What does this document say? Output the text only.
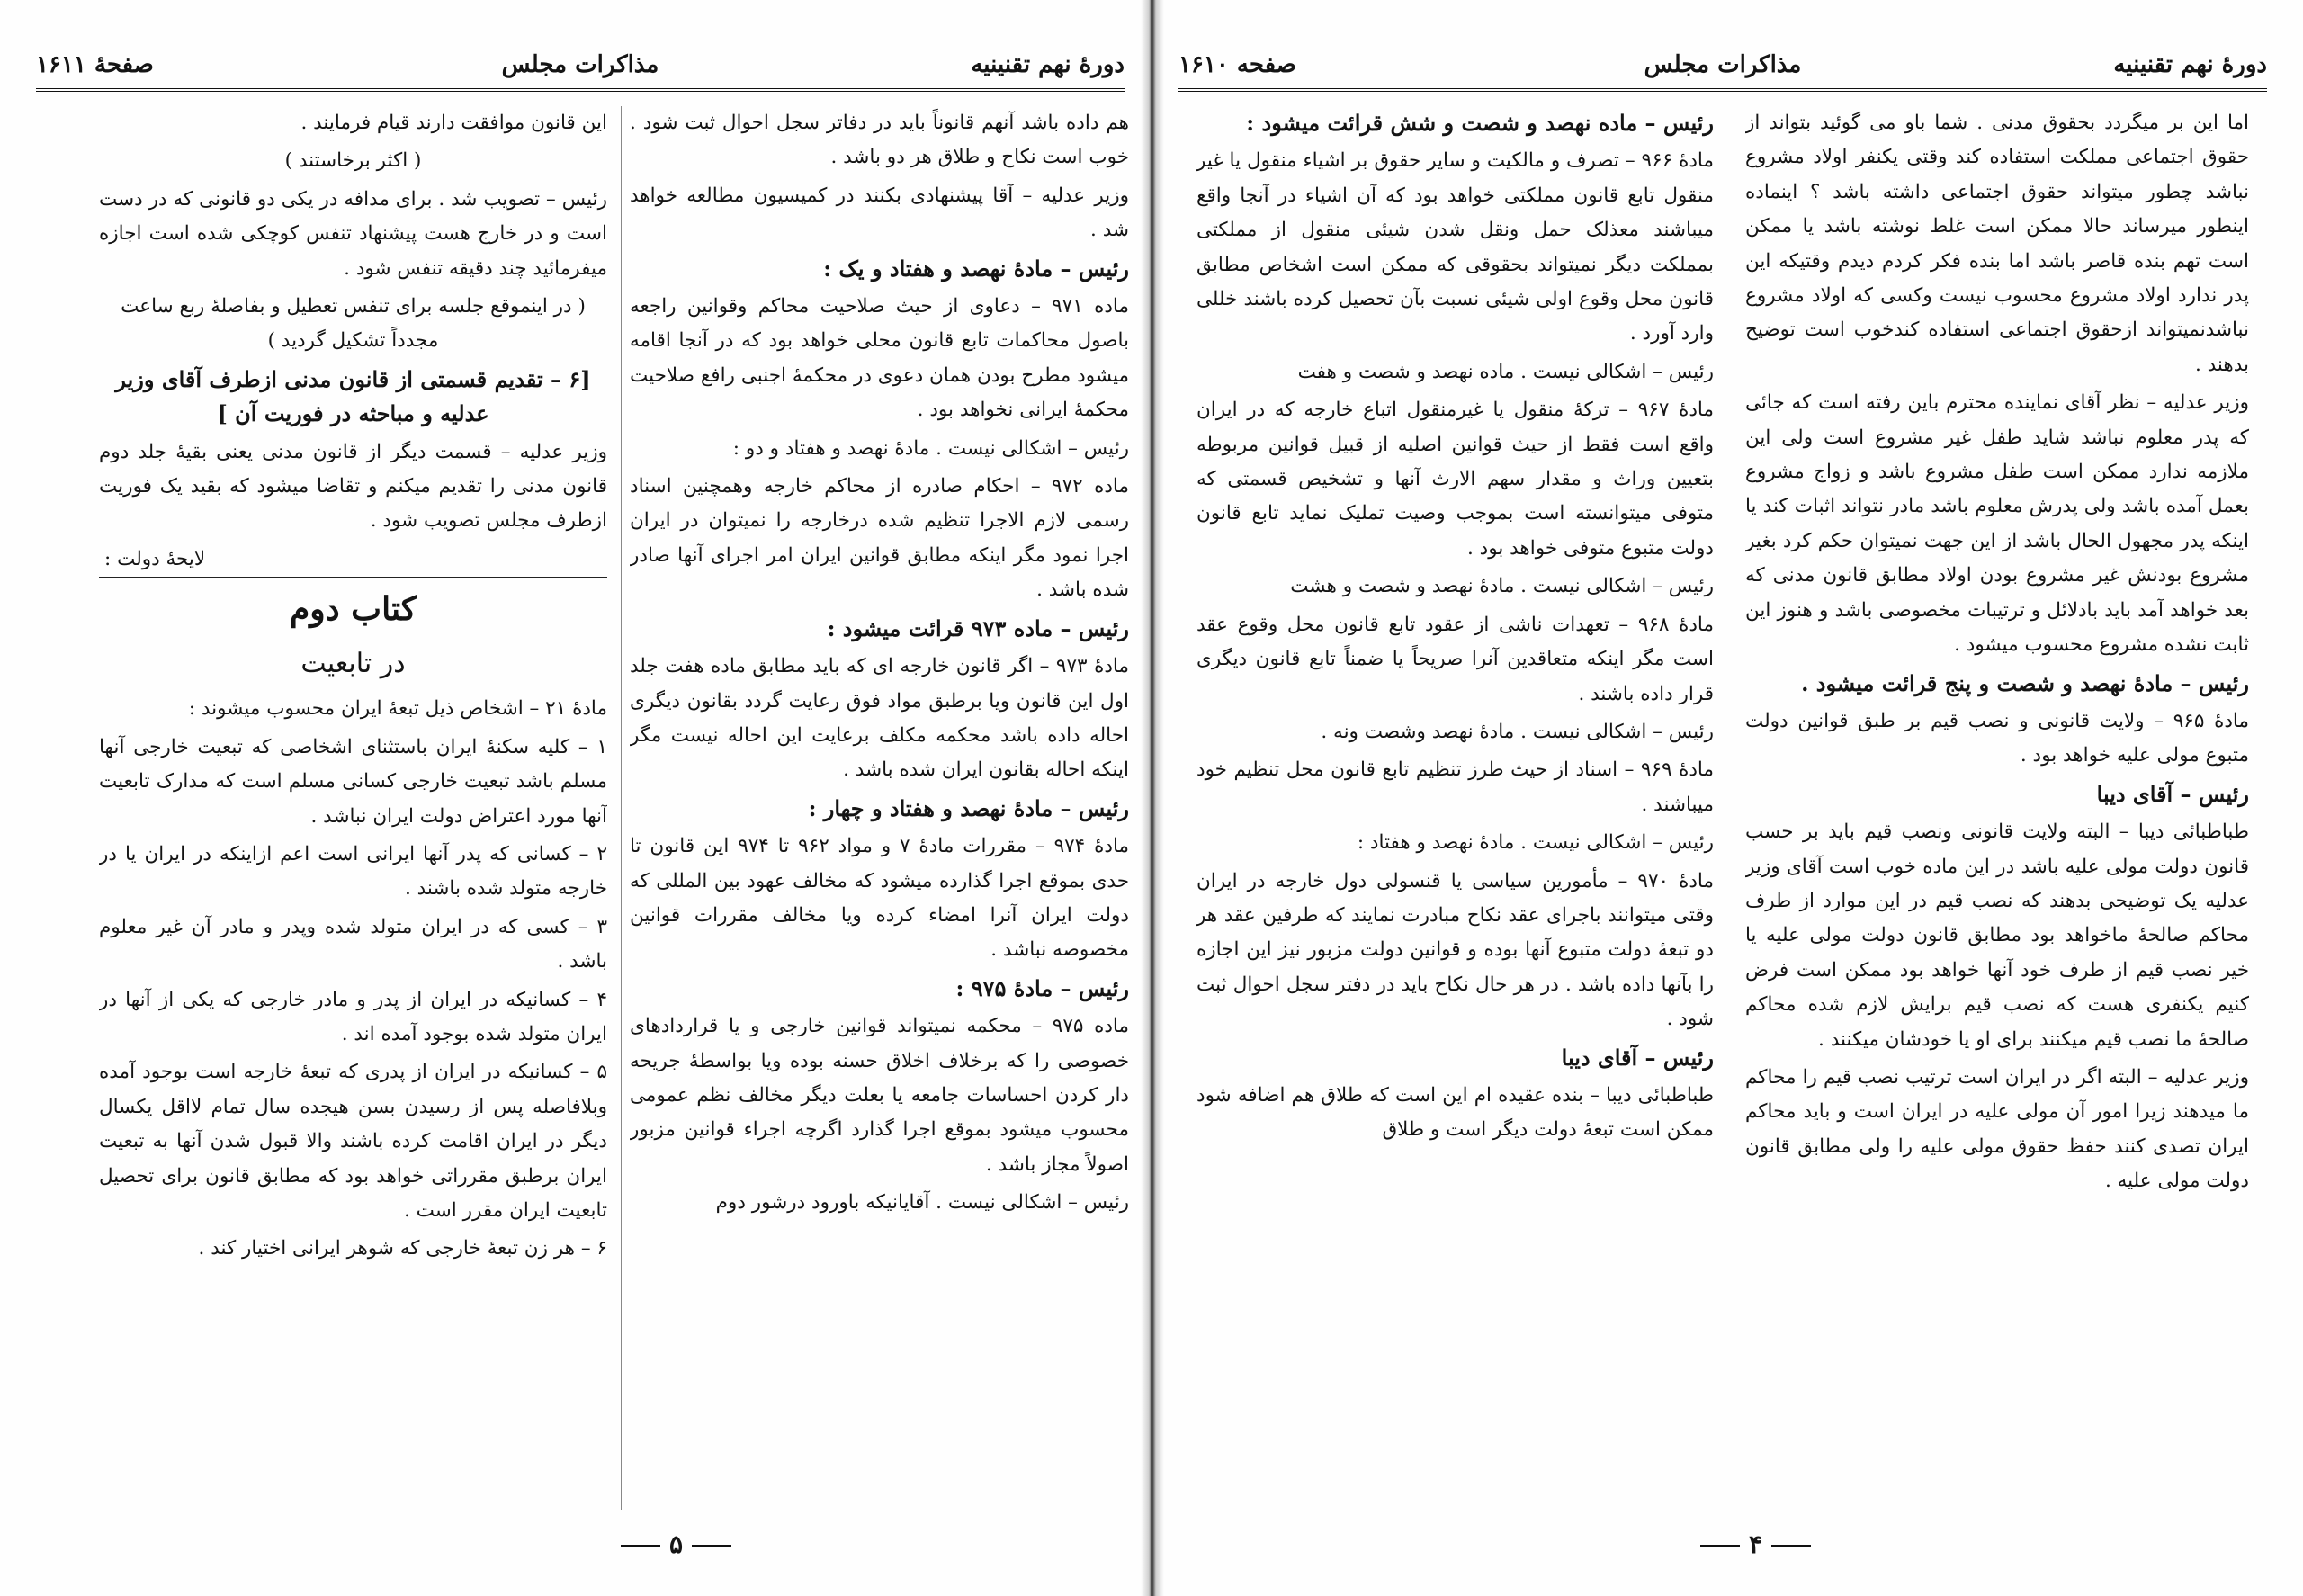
دورهٔ نهم تقنینیه
مذاکرات مجلس
صفحهٔ ۱۶۱۱

هم داده باشد آنهم قانوناً باید در دفاتر سجل احوال ثبت شود . خوب است نکاح و طلاق هر دو باشد .

وزیر عدلیه – آقا پیشنهادی بکنند در کمیسیون مطالعه خواهد شد .

رئیس – مادهٔ نهصد و هفتاد و یک :

ماده ۹۷۱ – دعاوی از حیث صلاحیت محاکم وقوانین راجعه باصول محاکمات تابع قانون محلی خواهد بود که در آنجا اقامه میشود مطرح بودن همان دعوی در محکمهٔ اجنبی رافع صلاحیت محکمهٔ ایرانی نخواهد بود .

رئیس – اشکالی نیست . مادهٔ نهصد و هفتاد و دو :

ماده ۹۷۲ – احکام صادره از محاکم خارجه وهمچنین اسناد رسمی لازم الاجرا تنظیم شده درخارجه را نمیتوان در ایران اجرا نمود مگر اینکه مطابق قوانین ایران امر اجرای آنها صادر شده باشد .

رئیس – ماده ۹۷۳ قرائت میشود :

مادهٔ ۹۷۳ – اگر قانون خارجه ای که باید مطابق ماده هفت جلد اول این قانون ویا برطبق مواد فوق رعایت گردد بقانون دیگری احاله داده باشد محکمه مکلف برعایت این احاله نیست مگر اینکه احاله بقانون ایران شده باشد .

رئیس – مادهٔ نهصد و هفتاد و چهار :

مادهٔ ۹۷۴ – مقررات مادهٔ ۷ و مواد ۹۶۲ تا ۹۷۴ این قانون تا حدی بموقع اجرا گذارده میشود که مخالف عهود بین المللی که دولت ایران آنرا امضاء کرده ویا مخالف مقررات قوانین مخصوصه نباشد .

رئیس – مادهٔ ۹۷۵ :

ماده ۹۷۵ – محکمه نمیتواند قوانین خارجی و یا قراردادهای خصوصی را که برخلاف اخلاق حسنه بوده ویا بواسطهٔ جریحه دار کردن احساسات جامعه یا بعلت دیگر مخالف نظم عمومی محسوب میشود بموقع اجرا گذارد اگرچه اجراء قوانین مزبور اصولاً مجاز باشد .

رئیس – اشکالی نیست . آقایانیکه باورود درشور دوم

این قانون موافقت دارند قیام فرمایند .

( اکثر برخاستند )

رئیس – تصویب شد . برای مدافه در یکی دو قانونی که در دست است و در خارج هست پیشنهاد تنفس کوچکی شده است اجازه میفرمائید چند دقیقه تنفس شود .

( در اینموقع جلسه برای تنفس تعطیل و بفاصلهٔ ربع ساعت مجدداً تشکیل گردید )

[۶ – تقدیم قسمتی از قانون مدنی ازطرف آقای وزیر عدلیه و مباحثه در فوریت آن ]

وزیر عدلیه – قسمت دیگر از قانون مدنی یعنی بقیهٔ جلد دوم قانون مدنی را تقدیم میکنم و تقاضا میشود که بقید یک فوریت ازطرف مجلس تصویب شود .

لایحهٔ دولت :

کتاب دوم

در تابعیت

مادهٔ ۲۱ – اشخاص ذیل تبعهٔ ایران محسوب میشوند :

۱ – کلیه سکنهٔ ایران باستثنای اشخاصی که تبعیت خارجی آنها مسلم باشد تبعیت خارجی کسانی مسلم است که مدارک تابعیت آنها مورد اعتراض دولت ایران نباشد .

۲ – کسانی که پدر آنها ایرانی است اعم ازاینکه در ایران یا در خارجه متولد شده باشند .

۳ – کسی که در ایران متولد شده وپدر و مادر آن غیر معلوم باشد .

۴ – کسانیکه در ایران از پدر و مادر خارجی که یکی از آنها در ایران متولد شده بوجود آمده اند .

۵ – کسانیکه در ایران از پدری که تبعهٔ خارجه است بوجود آمده وبلافاصله پس از رسیدن بسن هیجده سال تمام لااقل یکسال دیگر در ایران اقامت کرده باشند والا قبول شدن آنها به تبعیت ایران برطبق مقرراتی خواهد بود که مطابق قانون برای تحصیل تابعیت ایران مقرر است .

۶ – هر زن تبعهٔ خارجی که شوهر ایرانی اختیار کند .

۵
دورهٔ نهم تقنینیه
مذاکرات مجلس
صفحه ۱۶۱۰

اما این بر میگردد بحقوق مدنی . شما باو می گوئید بتواند از حقوق اجتماعی مملکت استفاده کند وقتی یکنفر اولاد مشروع نباشد چطور میتواند حقوق اجتماعی داشته باشد ؟ اینماده اینطور میرساند حالا ممکن است غلط نوشته باشد یا ممکن است تهم بنده قاصر باشد اما بنده فکر کردم دیدم وقتیکه این پدر ندارد اولاد مشروع محسوب نیست وکسی که اولاد مشروع نباشدنمیتواند ازحقوق اجتماعی استفاده کندخوب است توضیح بدهند .

وزیر عدلیه – نظر آقای نماینده محترم باین رفته است که جائی که پدر معلوم نباشد شاید طفل غیر مشروع است ولی این ملازمه ندارد ممکن است طفل مشروع باشد و زواج مشروع بعمل آمده باشد ولی پدرش معلوم باشد مادر نتواند اثبات کند یا اینکه پدر مجهول الحال باشد از این جهت نمیتوان حکم کرد بغیر مشروع بودنش غیر مشروع بودن اولاد مطابق قانون مدنی که بعد خواهد آمد باید بادلائل و ترتیبات مخصوصی باشد و هنوز این ثابت نشده مشروع محسوب میشود .

رئیس – مادهٔ نهصد و شصت و پنج قرائت میشود .

مادهٔ ۹۶۵ – ولایت قانونی و نصب قیم بر طبق قوانین دولت متبوع مولی علیه خواهد بود .

رئیس – آقای دیبا

طباطبائی دیبا – البته ولایت قانونی ونصب قیم باید بر حسب قانون دولت مولی علیه باشد در این ماده خوب است آقای وزیر عدلیه یک توضیحی بدهند که نصب قیم در این موارد از طرف محاکم صالحهٔ ماخواهد بود مطابق قانون دولت مولی علیه یا خیر نصب قیم از طرف خود آنها خواهد بود ممکن است فرض کنیم یکنفری هست که نصب قیم برایش لازم شده محاکم صالحهٔ ما نصب قیم میکنند برای او یا خودشان میکنند .

وزیر عدلیه – البته اگر در ایران است ترتیب نصب قیم را محاکم ما میدهند زیرا امور آن مولی علیه در ایران است و باید محاکم ایران تصدی کنند حفظ حقوق مولی علیه را ولی مطابق قانون دولت مولی علیه .

رئیس – ماده نهصد و شصت و شش قرائت میشود :

مادهٔ ۹۶۶ – تصرف و مالکیت و سایر حقوق بر اشیاء منقول یا غیر منقول تابع قانون مملکتی خواهد بود که آن اشیاء در آنجا واقع میباشند معذلک حمل ونقل شدن شیئی منقول از مملکتی بمملکت دیگر نمیتواند بحقوقی که ممکن است اشخاص مطابق قانون محل وقوع اولی شیئی نسبت بآن تحصیل کرده باشند خللی وارد آورد .

رئیس – اشکالی نیست . ماده نهصد و شصت و هفت

مادهٔ ۹۶۷ – ترکهٔ منقول یا غیرمنقول اتباع خارجه که در ایران واقع است فقط از حیث قوانین اصلیه از قبیل قوانین مربوطه بتعیین وراث و مقدار سهم الارث آنها و تشخیص قسمتی که متوفی میتوانسته است بموجب وصیت تملیک نماید تابع قانون دولت متبوع متوفی خواهد بود .

رئیس – اشکالی نیست . مادهٔ نهصد و شصت و هشت

مادهٔ ۹۶۸ – تعهدات ناشی از عقود تابع قانون محل وقوع عقد است مگر اینکه متعاقدین آنرا صریحاً یا ضمناً تابع قانون دیگری قرار داده باشند .

رئیس – اشکالی نیست . مادهٔ نهصد وشصت ونه .

مادهٔ ۹۶۹ – اسناد از حیث طرز تنظیم تابع قانون محل تنظیم خود میباشند .

رئیس – اشکالی نیست . مادهٔ نهصد و هفتاد :

مادهٔ ۹۷۰ – مأمورین سیاسی یا قنسولی دول خارجه در ایران وقتی میتوانند باجرای عقد نکاح مبادرت نمایند که طرفین عقد هر دو تبعهٔ دولت متبوع آنها بوده و قوانین دولت مزبور نیز این اجازه را بآنها داده باشد . در هر حال نکاح باید در دفتر سجل احوال ثبت شود .

رئیس – آقای دیبا

طباطبائی دیبا – بنده عقیده ام این است که طلاق هم اضافه شود ممکن است تبعهٔ دولت دیگر است و طلاق

۴
